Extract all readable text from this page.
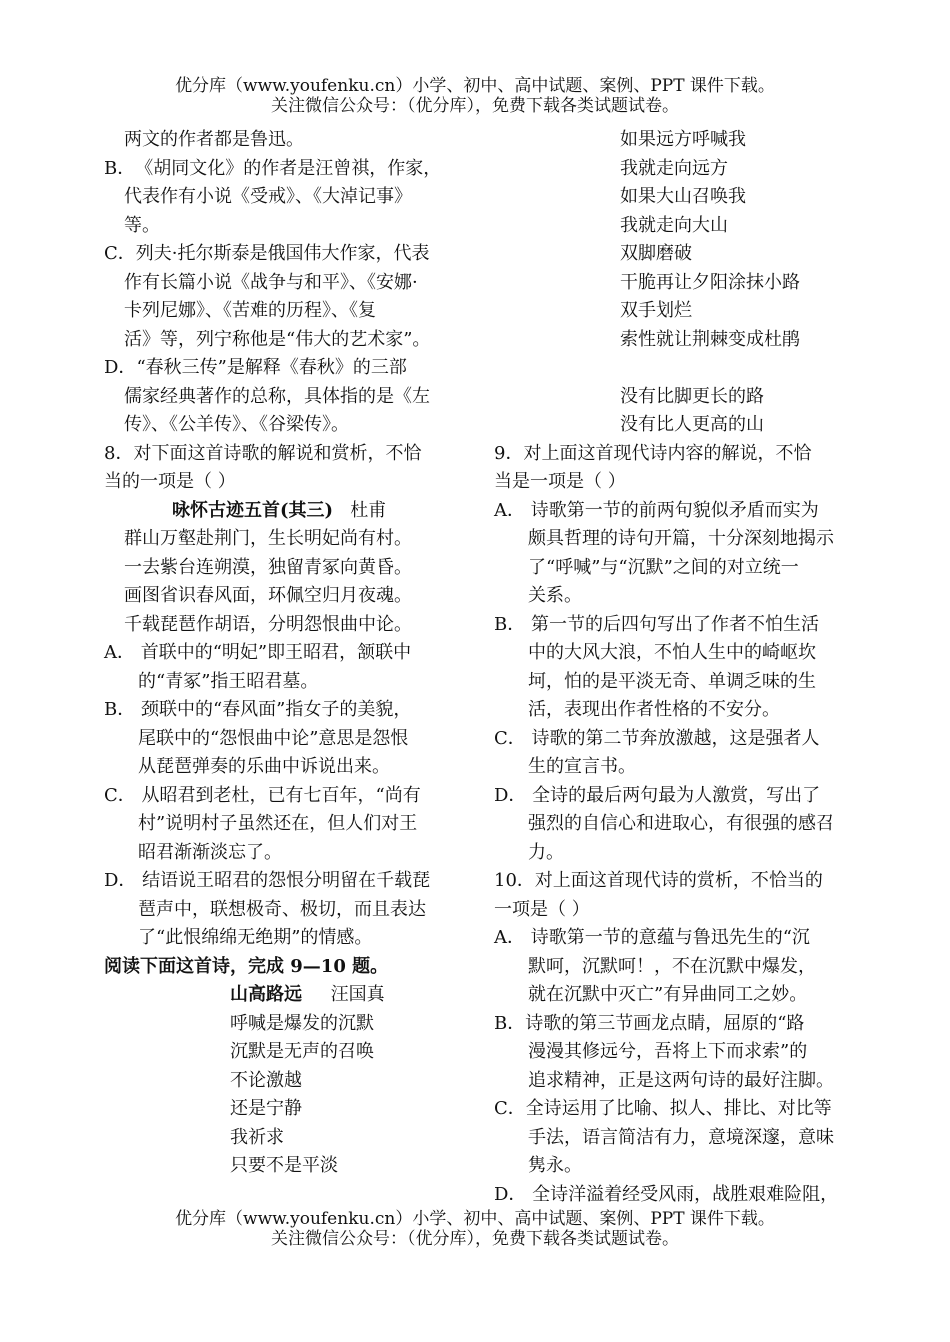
优分库（www.youfenku.cn）小学、初中、高中试题、案例、PPT 课件下载。
关注微信公众号：（优分库），免费下载各类试题试卷。
两文的作者都是鲁迅。
B．《胡同文化》的作者是汪曾祺，作家，
代表作有小说《受戒》、《大淖记事》
等。
C．列夫·托尔斯泰是俄国伟大作家，代表
作有长篇小说《战争与和平》、《安娜·
卡列尼娜》、《苦难的历程》、《复
活》等，列宁称他是“伟大的艺术家”。
D．“春秋三传”是解释《春秋》的三部
儒家经典著作的总称，具体指的是《左
传》、《公羊传》、《谷梁传》。
8．对下面这首诗歌的解说和赏析，不恰
当的一项是（ ）
咏怀古迹五首(其三) 杜甫
群山万壑赴荆门，生长明妃尚有村。
一去紫台连朔漠，独留青冢向黄昏。
画图省识春风面，环佩空归月夜魂。
千载琵琶作胡语，分明怨恨曲中论。
A． 首联中的“明妃”即王昭君，颔联中
的“青冢”指王昭君墓。
B． 颈联中的“春风面”指女子的美貌，
尾联中的“怨恨曲中论”意思是怨恨
从琵琶弹奏的乐曲中诉说出来。
C． 从昭君到老杜，已有七百年，“尚有
村”说明村子虽然还在，但人们对王
昭君渐渐淡忘了。
D． 结语说王昭君的怨恨分明留在千载琵
琶声中，联想极奇、极切，而且表达
了“此恨绵绵无绝期”的情感。
阅读下面这首诗，完成 9—10 题。
山高路远 汪国真
呼喊是爆发的沉默
沉默是无声的召唤
不论激越
还是宁静
我祈求
只要不是平淡
如果远方呼喊我
我就走向远方
如果大山召唤我
我就走向大山
双脚磨破
干脆再让夕阳涂抹小路
双手划烂
索性就让荆棘变成杜鹃
没有比脚更长的路
没有比人更高的山
9．对上面这首现代诗内容的解说，不恰
当是一项是（ ）
A． 诗歌第一节的前两句貌似矛盾而实为
颇具哲理的诗句开篇，十分深刻地揭示
了“呼喊”与“沉默”之间的对立统一
关系。
B． 第一节的后四句写出了作者不怕生活
中的大风大浪，不怕人生中的崎岖坎
坷，怕的是平淡无奇、单调乏味的生
活，表现出作者性格的不安分。
C． 诗歌的第二节奔放激越，这是强者人
生的宣言书。
D． 全诗的最后两句最为人激赏，写出了
强烈的自信心和进取心，有很强的感召
力。
10．对上面这首现代诗的赏析，不恰当的
一项是（ ）
A． 诗歌第一节的意蕴与鲁迅先生的“沉
默呵，沉默呵！，不在沉默中爆发，
就在沉默中灭亡”有异曲同工之妙。
B．诗歌的第三节画龙点睛，屈原的“路
漫漫其修远兮，吾将上下而求索”的
追求精神，正是这两句诗的最好注脚。
C．全诗运用了比喻、拟人、排比、对比等
手法，语言简洁有力，意境深邃，意味
隽永。
D． 全诗洋溢着经受风雨，战胜艰难险阻，
优分库（www.youfenku.cn）小学、初中、高中试题、案例、PPT 课件下载。
关注微信公众号：（优分库），免费下载各类试题试卷。
